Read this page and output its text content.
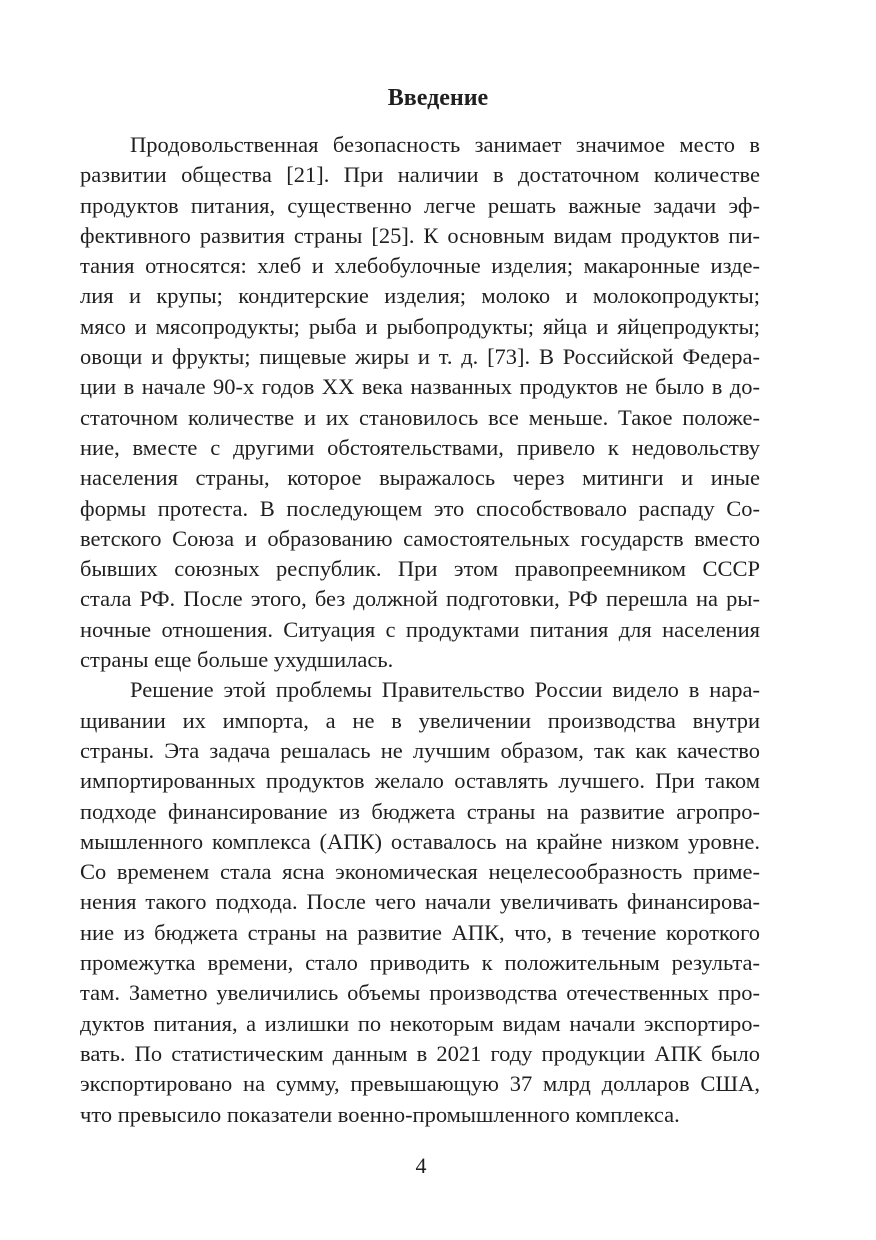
Введение

Продовольственная безопасность занимает значимое место в
развитии общества [21]. При наличии в достаточном количестве
продуктов питания, существенно легче решать важные задачи эф-
фективного развития страны [25]. К основным видам продуктов пи-
тания относятся: хлеб и хлебобулочные изделия; макаронные изде-
лия и крупы; кондитерские изделия; молоко и молокопродукты;
мясо и мясопродукты; рыба и рыбопродукты; яйца и яйцепродукты;
овощи и фрукты; пищевые жиры и т. д. [73]. В Российской Федера-
ции в начале 90-х годов XX века названных продуктов не было в до-
статочном количестве и их становилось все меньше. Такое положе-
ние, вместе с другими обстоятельствами, привело к недовольству
населения страны, которое выражалось через митинги и иные
формы протеста. В последующем это способствовало распаду Со-
ветского Союза и образованию самостоятельных государств вместо
бывших союзных республик. При этом правопреемником СССР
стала РФ. После этого, без должной подготовки, РФ перешла на ры-
ночные отношения. Ситуация с продуктами питания для населения
страны еще больше ухудшилась.

Решение этой проблемы Правительство России видело в нара-
щивании их импорта, а не в увеличении производства внутри
страны. Эта задача решалась не лучшим образом, так как качество
импортированных продуктов желало оставлять лучшего. При таком
подходе финансирование из бюджета страны на развитие агропро-
мышленного комплекса (АПК) оставалось на крайне низком уровне.
Со временем стала ясна экономическая нецелесообразность приме-
нения такого подхода. После чего начали увеличивать финансирова-
ние из бюджета страны на развитие АПК, что, в течение короткого
промежутка времени, стало приводить к положительным результа-
там. Заметно увеличились объемы производства отечественных про-
дуктов питания, а излишки по некоторым видам начали экспортиро-
вать. По статистическим данным в 2021 году продукции АПК было
экспортировано на сумму, превышающую 37 млрд долларов США,
что превысило показатели военно-промышленного комплекса.

4
